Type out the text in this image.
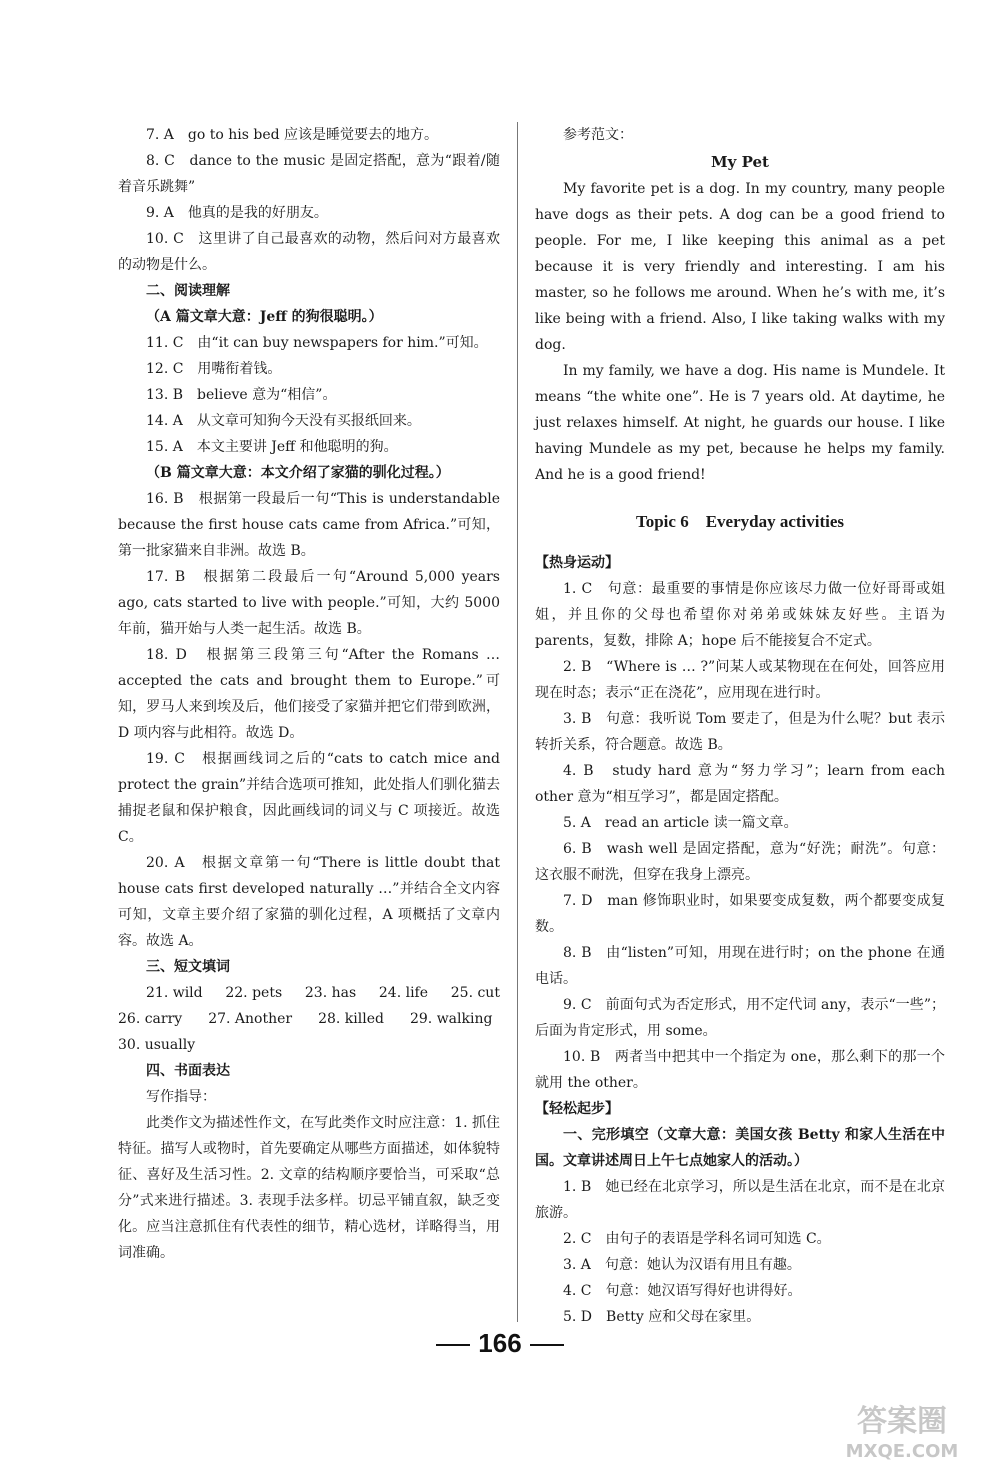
7. A　go to his bed 应该是睡觉要去的地方。

8. C　dance to the music 是固定搭配，意为“跟着/随着音乐跳舞”

9. A　他真的是我的好朋友。

10. C　这里讲了自己最喜欢的动物，然后问对方最喜欢的动物是什么。

二、阅读理解

（A 篇文章大意：Jeff 的狗很聪明。）

11. C　由“it can buy newspapers for him.”可知。

12. C　用嘴衔着钱。

13. B　believe 意为“相信”。

14. A　从文章可知狗今天没有买报纸回来。

15. A　本文主要讲 Jeff 和他聪明的狗。

（B 篇文章大意：本文介绍了家猫的驯化过程。）

16. B　根据第一段最后一句“This is understandable because the first house cats came from Africa.”可知，第一批家猫来自非洲。故选 B。

17. B　根据第二段最后一句“Around 5,000 years ago, cats started to live with people.”可知，大约 5000 年前，猫开始与人类一起生活。故选 B。

18. D　根据第三段第三句“After the Romans … accepted the cats and brought them to Europe.”可知，罗马人来到埃及后，他们接受了家猫并把它们带到欧洲，D 项内容与此相符。故选 D。

19. C　根据画线词之后的“cats to catch mice and protect the grain”并结合选项可推知，此处指人们驯化猫去捕捉老鼠和保护粮食，因此画线词的词义与 C 项接近。故选 C。

20. A　根据文章第一句“There is little doubt that house cats first developed naturally …”并结合全文内容可知，文章主要介绍了家猫的驯化过程，A 项概括了文章内容。故选 A。

三、短文填词

21. wild 22. pets 23. has 24. life 25. cut
26. carry 27. Another 28. killed 29. walking

30. usually

四、书面表达

写作指导：

此类作文为描述性作文，在写此类作文时应注意：1. 抓住特征。描写人或物时，首先要确定从哪些方面描述，如体貌特征、喜好及生活习性。2. 文章的结构顺序要恰当，可采取“总分”式来进行描述。3. 表现手法多样。切忌平铺直叙，缺乏变化。应当注意抓住有代表性的细节，精心选材，详略得当，用词准确。

参考范文：

My Pet

My favorite pet is a dog. In my country, many people have dogs as their pets. A dog can be a good friend to people. For me, I like keeping this animal as a pet because it is very friendly and interesting. I am his master, so he follows me around. When he’s with me, it’s like being with a friend. Also, I like taking walks with my dog.

In my family, we have a dog. His name is Mundele. It means “the white one”. He is 7 years old. At daytime, he just relaxes himself. At night, he guards our house. I like having Mundele as my pet, because he helps my family. And he is a good friend!

Topic 6　Everyday activities

【热身运动】

1. C　句意：最重要的事情是你应该尽力做一位好哥哥或姐姐，并且你的父母也希望你对弟弟或妹妹友好些。主语为 parents，复数，排除 A；hope 后不能接复合不定式。

2. B　“Where is … ?”问某人或某物现在在何处，回答应用现在时态；表示“正在浇花”，应用现在进行时。

3. B　句意：我听说 Tom 要走了，但是为什么呢？but 表示转折关系，符合题意。故选 B。

4. B　study hard 意为“努力学习”；learn from each other 意为“相互学习”，都是固定搭配。

5. A　read an article 读一篇文章。

6. B　wash well 是固定搭配，意为“好洗；耐洗”。句意：这衣服不耐洗，但穿在我身上漂亮。

7. D　man 修饰职业时，如果要变成复数，两个都要变成复数。

8. B　由“listen”可知，用现在进行时；on the phone 在通电话。

9. C　前面句式为否定形式，用不定代词 any，表示“一些”；后面为肯定形式，用 some。

10. B　两者当中把其中一个指定为 one，那么剩下的那一个就用 the other。

【轻松起步】

一、完形填空（文章大意：美国女孩 Betty 和家人生活在中国。文章讲述周日上午七点她家人的活动。）

1. B　她已经在北京学习，所以是生活在北京，而不是在北京旅游。

2. C　由句子的表语是学科名词可知选 C。

3. A　句意：她认为汉语有用且有趣。

4. C　句意：她汉语写得好也讲得好。

5. D　Betty 应和父母在家里。

166
答案圈
MXQE.COM
